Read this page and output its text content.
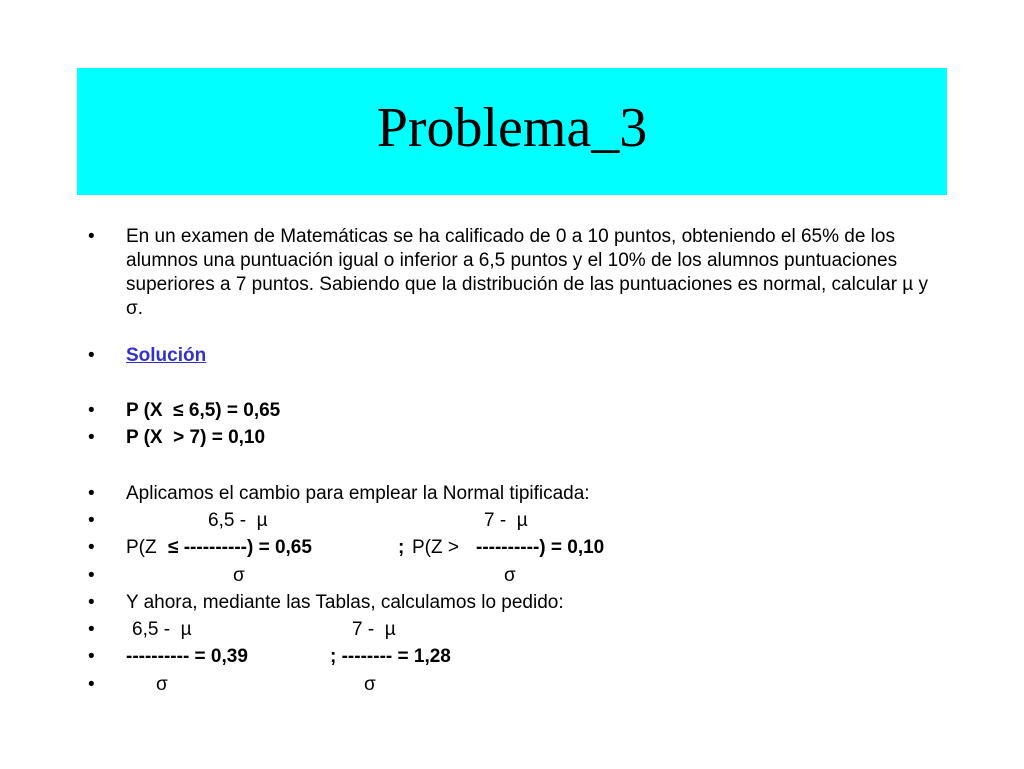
Problema_3

• En un examen de Matemáticas se ha calificado de 0 a 10 puntos, obteniendo el 65% de los alumnos una puntuación igual o inferior a 6,5 puntos y el 10% de los alumnos puntuaciones superiores a 7 puntos. Sabiendo que la distribución de las puntuaciones es normal, calcular µ y σ.

•

Solución

•

P (X  ≤ 6,5) = 0,65

•

P (X  > 7) = 0,10

•

Aplicamos el cambio para emplear la Normal tipificada:

•

	6,5 -  µ

	7 -  µ

•

P(Z

≤ ----------) = 0,65

	;

P(Z >

----------) = 0,10

•

	σ

	σ

•

Y ahora, mediante las Tablas, calculamos lo pedido:

•

6,5 -  µ

	7 -  µ

•

---------- = 0,39

	; -------- = 1,28

•

	σ

	σ
